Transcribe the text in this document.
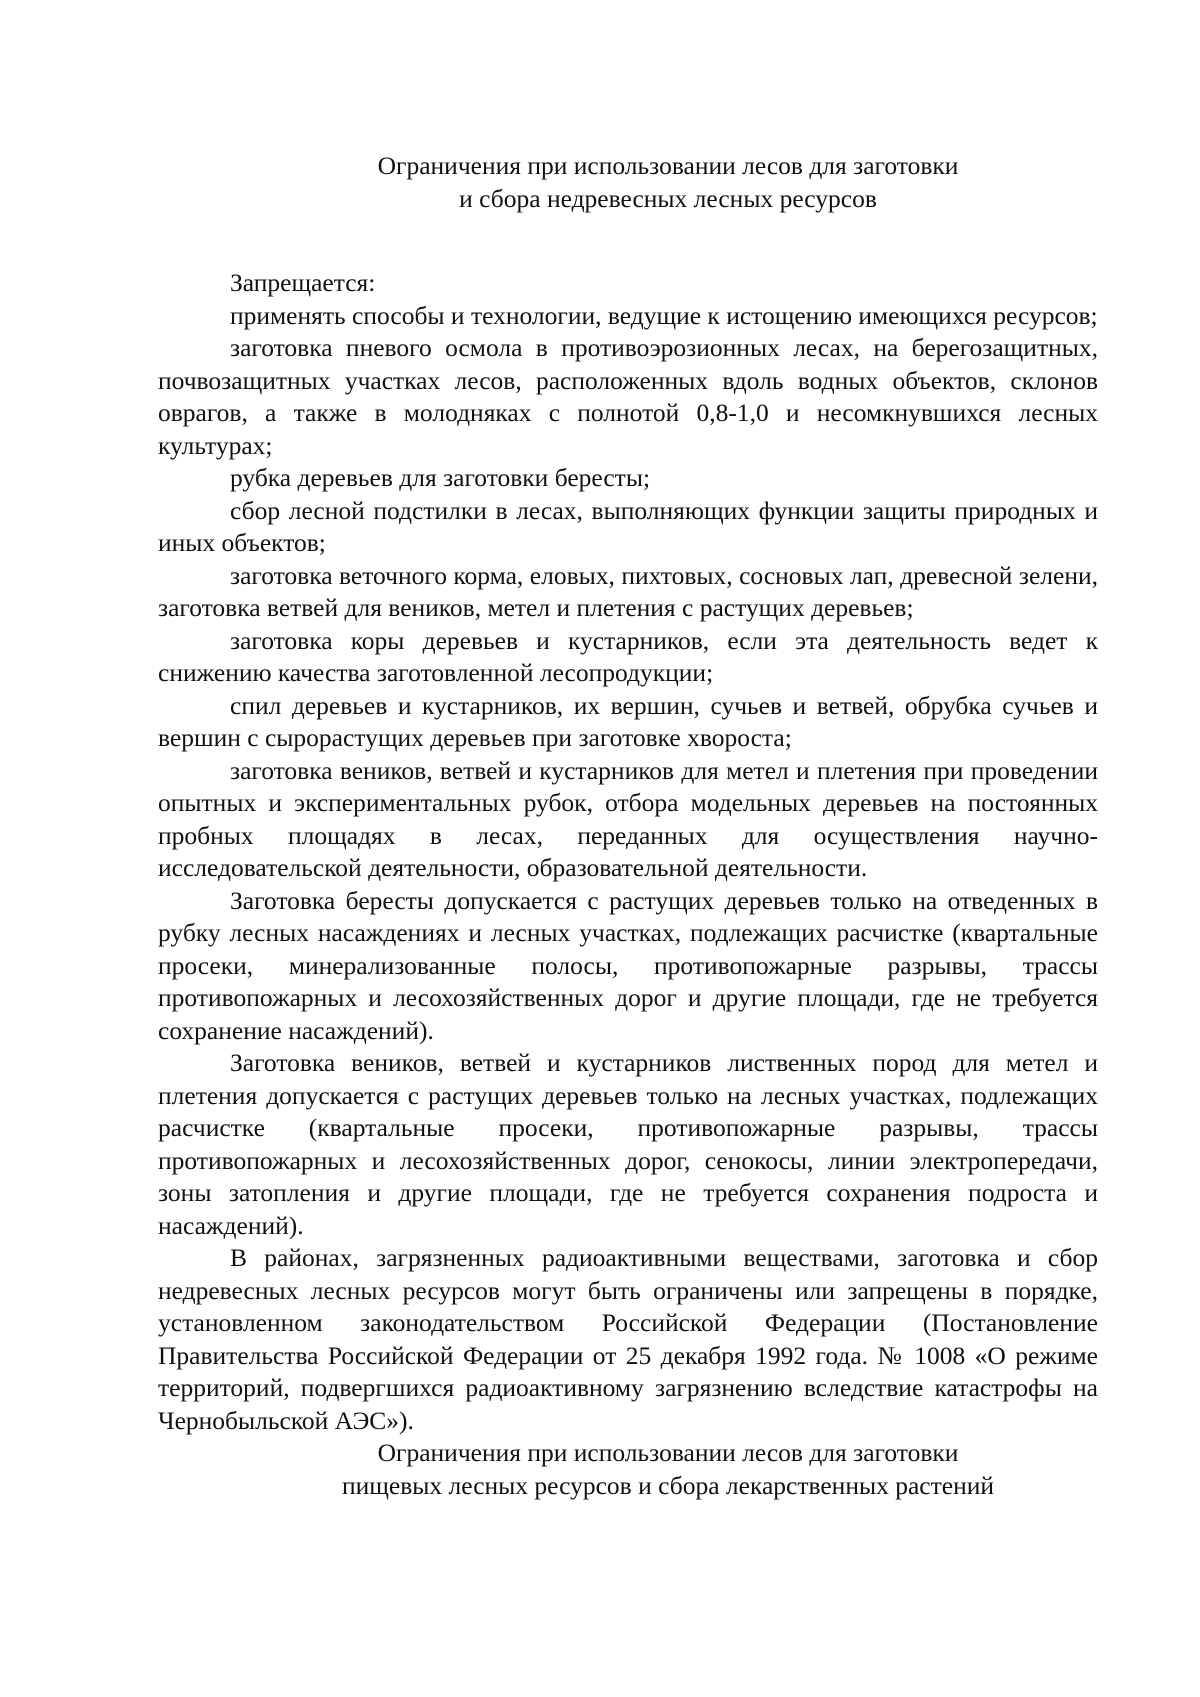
Ограничения при использовании лесов для заготовки
и сбора недревесных лесных ресурсов

Запрещается:

применять способы и технологии, ведущие к истощению имеющихся ресурсов;

заготовка пневого осмола в противоэрозионных лесах, на берегозащитных, почвозащитных участках лесов, расположенных вдоль водных объектов, склонов оврагов, а также в молодняках с полнотой 0,8-1,0 и несомкнувшихся лесных культурах;

рубка деревьев для заготовки бересты;

сбор лесной подстилки в лесах, выполняющих функции защиты природных и иных объектов;

заготовка веточного корма, еловых, пихтовых, сосновых лап, древесной зелени, заготовка ветвей для веников, метел и плетения с растущих деревьев;

заготовка коры деревьев и кустарников, если эта деятельность ведет к снижению качества заготовленной лесопродукции;

спил деревьев и кустарников, их вершин, сучьев и ветвей, обрубка сучьев и вершин с сырорастущих деревьев при заготовке хвороста;

заготовка веников, ветвей и кустарников для метел и плетения при проведении опытных и экспериментальных рубок, отбора модельных деревьев на постоянных пробных площадях в лесах, переданных для осуществления научно-исследовательской деятельности, образовательной деятельности.

Заготовка бересты допускается с растущих деревьев только на отведенных в рубку лесных насаждениях и лесных участках, подлежащих расчистке (квартальные просеки, минерализованные полосы, противопожарные разрывы, трассы противопожарных и лесохозяйственных дорог и другие площади, где не требуется сохранение насаждений).

Заготовка веников, ветвей и кустарников лиственных пород для метел и плетения допускается с растущих деревьев только на лесных участках, подлежащих расчистке (квартальные просеки, противопожарные разрывы, трассы противопожарных и лесохозяйственных дорог, сенокосы, линии электропередачи, зоны затопления и другие площади, где не требуется сохранения подроста и насаждений).

В районах, загрязненных радиоактивными веществами, заготовка и сбор недревесных лесных ресурсов могут быть ограничены или запрещены в порядке, установленном законодательством Российской Федерации (Постановление Правительства Российской Федерации от 25 декабря 1992 года. № 1008 «О режиме территорий, подвергшихся радиоактивному загрязнению вследствие катастрофы на Чернобыльской АЭС»).

Ограничения при использовании лесов для заготовки
пищевых лесных ресурсов и сбора лекарственных растений
